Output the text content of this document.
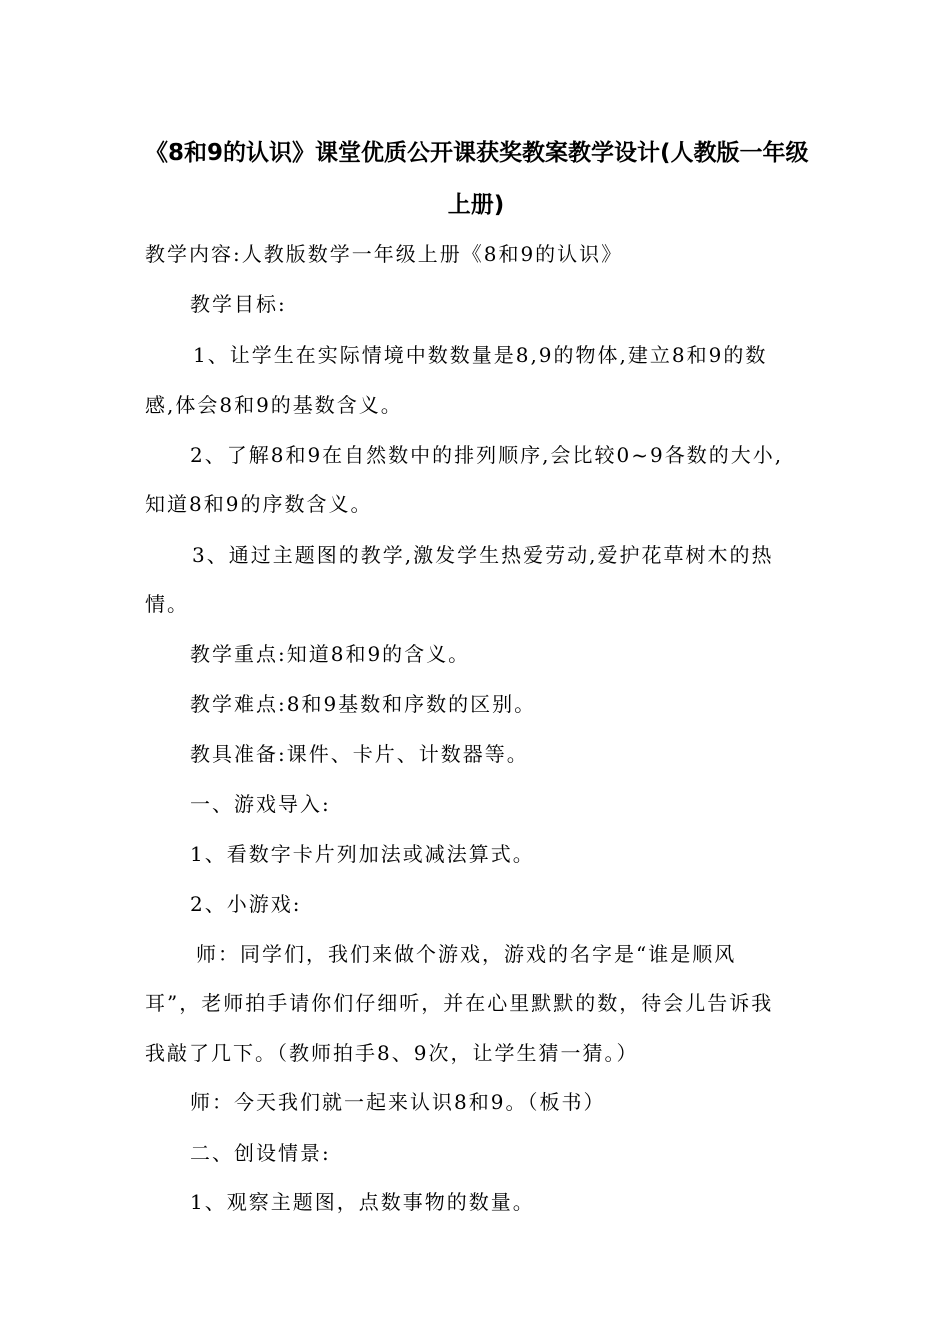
《8和9的认识》课堂优质公开课获奖教案教学设计(人教版一年级
上册)

教学内容:人教版数学一年级上册《8和9的认识》

教学目标:

1、让学生在实际情境中数数量是8,9的物体,建立8和9的数

感,体会8和9的基数含义。

2、了解8和9在自然数中的排列顺序,会比较0~9各数的大小,

知道8和9的序数含义。

3、通过主题图的教学,激发学生热爱劳动,爱护花草树木的热

情。

教学重点:知道8和9的含义。

教学难点:8和9基数和序数的区别。

教具准备:课件、卡片、计数器等。

一、游戏导入:

1、看数字卡片列加法或减法算式。

2、小游戏:

师：同学们，我们来做个游戏，游戏的名字是“谁是顺风

耳”，老师拍手请你们仔细听，并在心里默默的数，待会儿告诉我

我敲了几下。（教师拍手8、9次，让学生猜一猜。）

师：今天我们就一起来认识8和9。（板书）

二、创设情景:

1、观察主题图，点数事物的数量。
